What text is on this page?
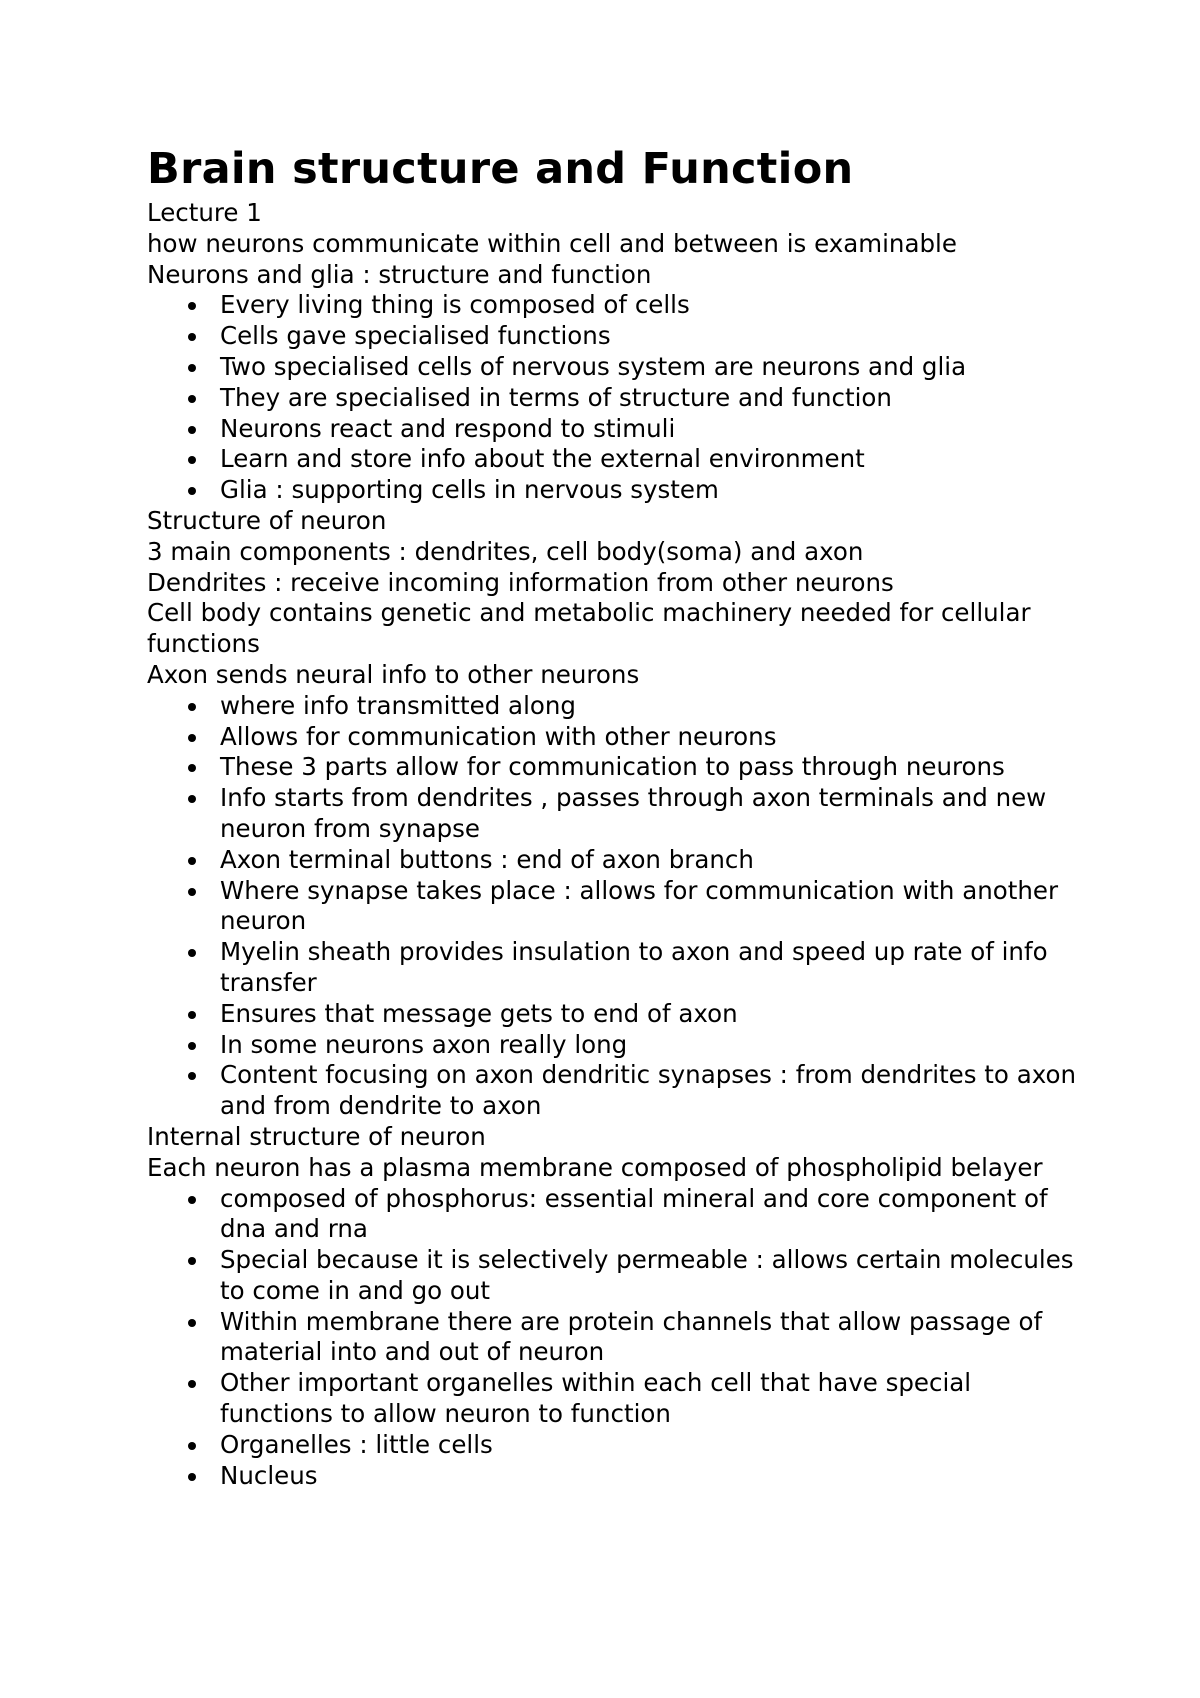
Brain structure and Function

Lecture 1

how neurons communicate within cell and between is examinable

Neurons and glia : structure and function

Every living thing is composed of cells
Cells gave specialised functions
Two specialised cells of nervous system are neurons and glia
They are specialised in terms of structure and function
Neurons react and respond to stimuli
Learn and store info about the external environment
Glia : supporting cells in nervous system

Structure of neuron

3 main components : dendrites, cell body(soma) and axon

Dendrites : receive incoming information from other neurons

Cell body contains genetic and metabolic machinery needed for cellular functions

Axon sends neural info to other neurons

where info transmitted along
Allows for communication with other neurons
These 3 parts allow for communication to pass through neurons
Info starts from dendrites , passes through axon terminals and new neuron from synapse
Axon terminal buttons : end of axon branch
Where synapse takes place : allows for communication with another neuron
Myelin sheath provides insulation to axon and speed up rate of info transfer
Ensures that message gets to end of axon
In some neurons axon really long
Content focusing on axon dendritic synapses : from dendrites to axon and from dendrite to axon

Internal structure of neuron

Each neuron has a plasma membrane composed of phospholipid belayer

composed of phosphorus: essential mineral and core component of dna and rna
Special because it is selectively permeable : allows certain molecules to come in and go out
Within membrane there are protein channels that allow passage of material into and out of neuron
Other important organelles within each cell that have special functions to allow neuron to function
Organelles : little cells
Nucleus
